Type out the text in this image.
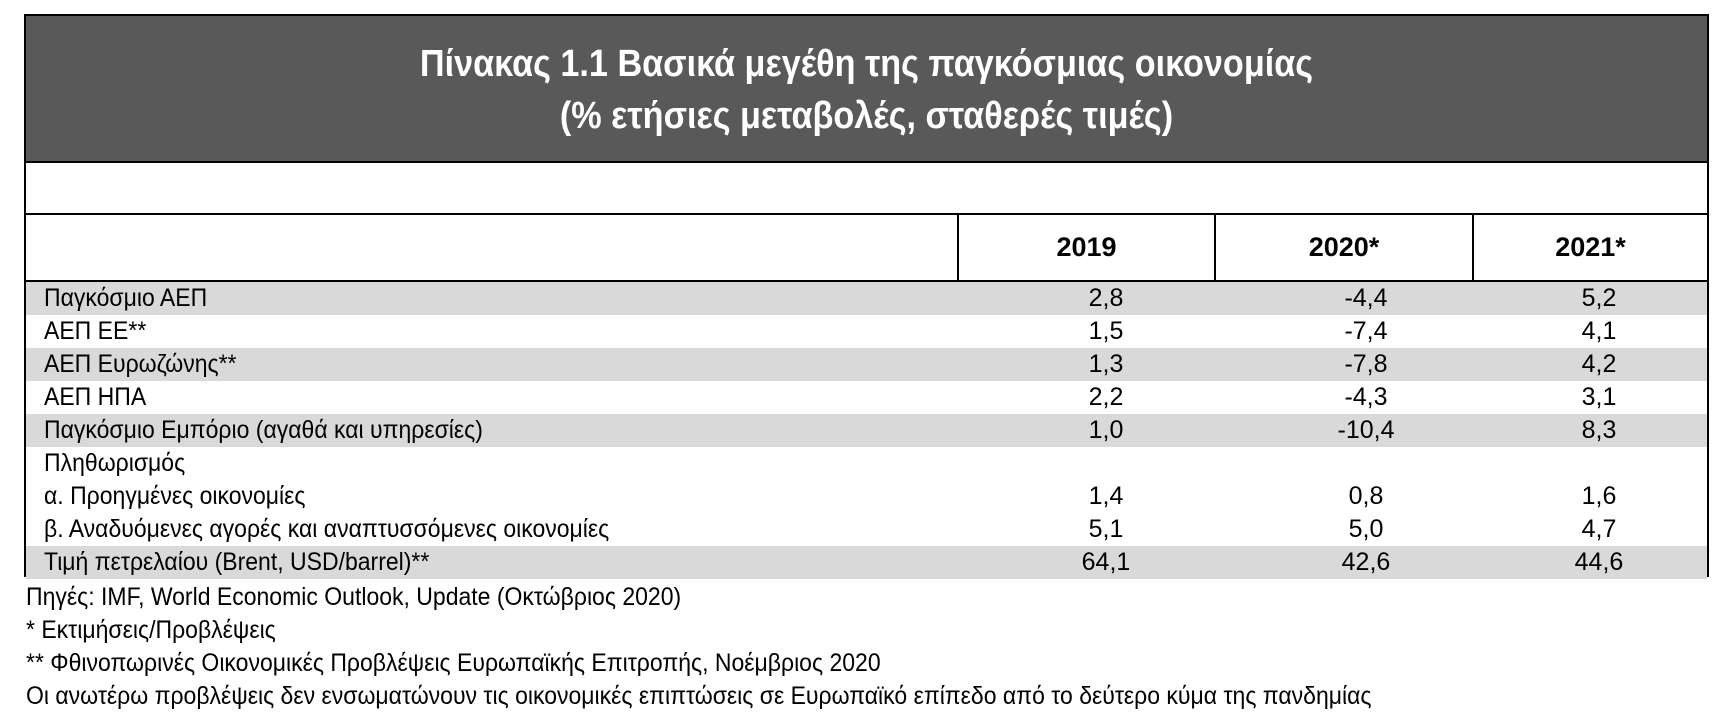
Πίνακας 1.1 Βασικά μεγέθη της παγκόσμιας οικονομίας
(% ετήσιες μεταβολές, σταθερές τιμές)
2019	2020*	2021*
Παγκόσμιο ΑΕΠ	2,8	-4,4	5,2
ΑΕΠ ΕΕ**	1,5	-7,4	4,1
ΑΕΠ Ευρωζώνης**	1,3	-7,8	4,2
ΑΕΠ ΗΠΑ	2,2	-4,3	3,1
Παγκόσμιο Εμπόριο (αγαθά και υπηρεσίες)	1,0	-10,4	8,3
Πληθωρισμός
α. Προηγμένες οικονομίες	1,4	0,8	1,6
β. Αναδυόμενες αγορές και αναπτυσσόμενες οικονομίες	5,1	5,0	4,7
Τιμή πετρελαίου (Brent, USD/barrel)**	64,1	42,6	44,6
Πηγές: IMF, World Economic Outlook, Update (Οκτώβριος 2020)
* Εκτιμήσεις/Προβλέψεις
** Φθινοπωρινές Οικονομικές Προβλέψεις Ευρωπαϊκής Επιτροπής, Νοέμβριος 2020
Οι ανωτέρω προβλέψεις δεν ενσωματώνουν τις οικονομικές επιπτώσεις σε Ευρωπαϊκό επίπεδο από το δεύτερο κύμα της πανδημίας
